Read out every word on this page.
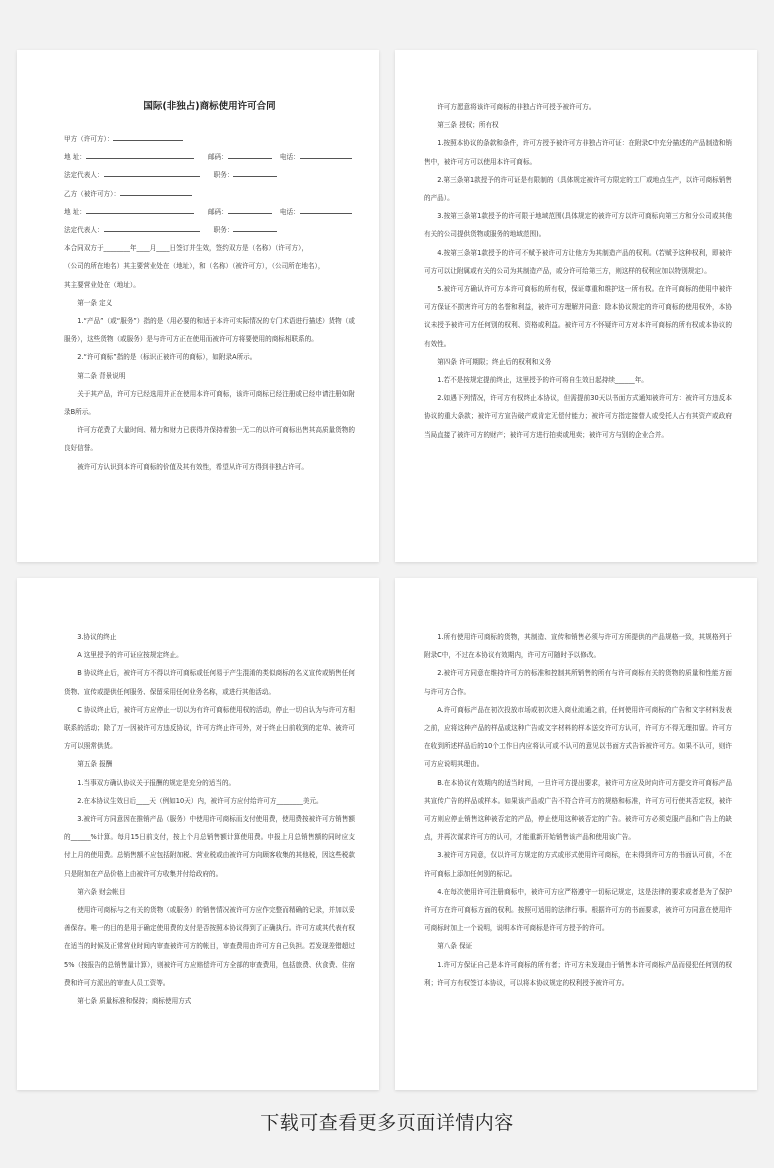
国际(非独占)商标使用许可合同
甲方（许可方）：
地 址：	邮码：	电话：
法定代表人：	职务：
乙方（被许可方）：
地 址：	邮码：	电话：
法定代表人：	职务：
本合同双方于________年____月____日签订并生效，签约双方是（名称）（许可方），
（公司的所在地名）其主要营业处在（地址），和（名称）（被许可方），（公司所在地名），
其主要营业处在（地址）。

第一条 定义

1.“产品”（或“服务”）指的是（用必要的和适于本许可实际情况的专门术语进行描述）货物（或服务），这些货物（或服务）是与许可方正在使用而被许可方将要使用的商标相联系的。

2.“许可商标”指的是（标识正被许可的商标），如附录A所示。

第二条 背景说明

关于其产品，许可方已经选用并正在使用本许可商标，该许可商标已经注册或已经申请注册如附录B所示。

许可方花费了大量时间、精力和财力已获得并保持着独一无二的以许可商标出售其高质量货物的良好信誉。

被许可方认识到本许可商标的价值及其有效性，希望从许可方得到非独占许可。

许可方愿意将该许可商标的非独占许可授予被许可方。

第三条 授权；所有权

1.按照本协议的条款和条件，许可方授予被许可方非独占许可证：在附录C中充分描述的产品制造和销售中，被许可方可以使用本许可商标。

2.第三条第1款授予的许可证是有限制的（具体规定被许可方限定的工厂或地点生产，以许可商标销售的产品）。

3.按第三条第1款授予的许可限于地域范围(具体规定的被许可方以许可商标向第三方和分公司或其他有关的公司提供货物或服务的地域范围)。

4.按第三条第1款授予的许可不赋予被许可方让他方为其制造产品的权利。(若赋予这种权利，即被许可方可以让附属或有关的公司为其制造产品，或分许可给第三方，则这样的权利应加以特别规定）。

5.被许可方确认许可方本许可商标的所有权，保证尊重和维护这一所有权。在许可商标的使用中被许可方保证不损害许可方的名誉和利益，被许可方理解并同意：除本协议规定的许可商标的使用权外，本协议未授予被许可方任何别的权利、资格或利益。被许可方不怀疑许可方对本许可商标的所有权或本协议的有效性。

第四条 许可期限；终止后的权利和义务

1.若不是按规定提前终止，这里授予的许可将自生效日起持续______年。

2.如遇下列情况，许可方有权终止本协议，但需提前30天以书面方式通知被许可方：被许可方违反本协议的重大条款；被许可方宣告破产或肯定无偿付能力；被许可方指定接替人或受托人占有其资产或政府当局直接了被许可方的财产；被许可方进行拍卖或甩卖；被许可方与别的企业合并。

3.协议的终止

A 这里授予的许可证应按规定终止。

B 协议终止后，被许可方不得以许可商标或任何易于产生混淆的类似商标的名义宣传或销售任何货物、宣传或提供任何服务、保留采用任何业务名称，或进行其他活动。

C 协议终止后，被许可方应停止一切以为有许可商标使用权的活动，停止一切自认为与许可方相联系的活动；除了万一因被许可方违反协议，许可方终止许可外，对于终止日前收到的定单、被许可方可以照常供货。

第五条 报酬

1.当事双方确认协议关于报酬的规定是充分的适当的。

2.在本协议生效日后____天（例如10天）内，被许可方应付给许可方________美元。

3.被许可方同意因在推销产品（服务）中使用许可商标而支付使用费，使用费按被许可方销售额的______%计算。每月15日前支付，按上个月总销售额计算使用费。申报上月总销售额的同时应支付上月的使用费。总销售额不应包括附加税、营业税或由被许可方向顾客收集的其他税，因这些税款只是附加在产品价格上由被许可方收集并付给政府的。

第六条 财会帐目

使用许可商标与之有关的货物（或服务）的销售情况被许可方应作完整而精确的记录，并加以妥善保存。唯一的目的是用于确定使用费的支付是否按照本协议得到了正确执行。许可方或其代表有权在适当的时候及正常营业时间内审查被许可方的帐目，审查费用由许可方自己负担。若发现差错超过5%（按报告的总销售量计算），则被许可方应赔偿许可方全部的审查费用，包括旅费、伙食费、住宿费和许可方派出的审查人员工资等。

第七条 质量标准和保持；商标使用方式

1.所有使用许可商标的货物，其制造、宣传和销售必须与许可方所提供的产品规格一致，其规格列于附录C中，不过在本协议有效期内，许可方可随时予以修改。

2.被许可方同意在维持许可方的标准和控制其所销售的所有与许可商标有关的货物的质量和性能方面与许可方合作。

A.许可商标产品在初次投放市场或初次进入商业流通之前，任何使用许可商标的广告和文字材料发表之前，应将这种产品的样品或这种广告或文字材料的样本送交许可方认可，许可方不得无理扣留。许可方在收到所述样品后的10个工作日内应将认可或不认可的意见以书面方式告诉被许可方。如果不认可，则许可方应说明其理由。

B.在本协议有效期内的适当时间，一旦许可方提出要求，被许可方应及时向许可方提交许可商标产品其宣传广告的样品或样本。如果该产品或广告不符合许可方的规格和标准，许可方可行使其否定权，被许可方则应停止销售这种被否定的产品，停止使用这种被否定的广告。被许可方必须克服产品和广告上的缺点，并再次谋求许可方的认可，才能重新开始销售该产品和使用该广告。

3.被许可方同意，仅以许可方规定的方式或形式使用许可商标，在未得到许可方的书面认可前，不在许可商标上添加任何别的标记。

4.在每次使用许可注册商标中，被许可方应严格遵守一切标记规定，这是法律的要求或者是为了保护许可方在许可商标方面的权利。按照可适用的法律行事。根据许可方的书面要求，被许可方同意在使用许可商标时加上一个说明，说明本许可商标是许可方授予的许可。

第八条 保证

1.许可方保证自己是本许可商标的所有者；许可方未发现由于销售本许可商标产品而侵犯任何别的权利；许可方有权签订本协议，可以将本协议规定的权利授予被许可方。

下载可查看更多页面详情内容
